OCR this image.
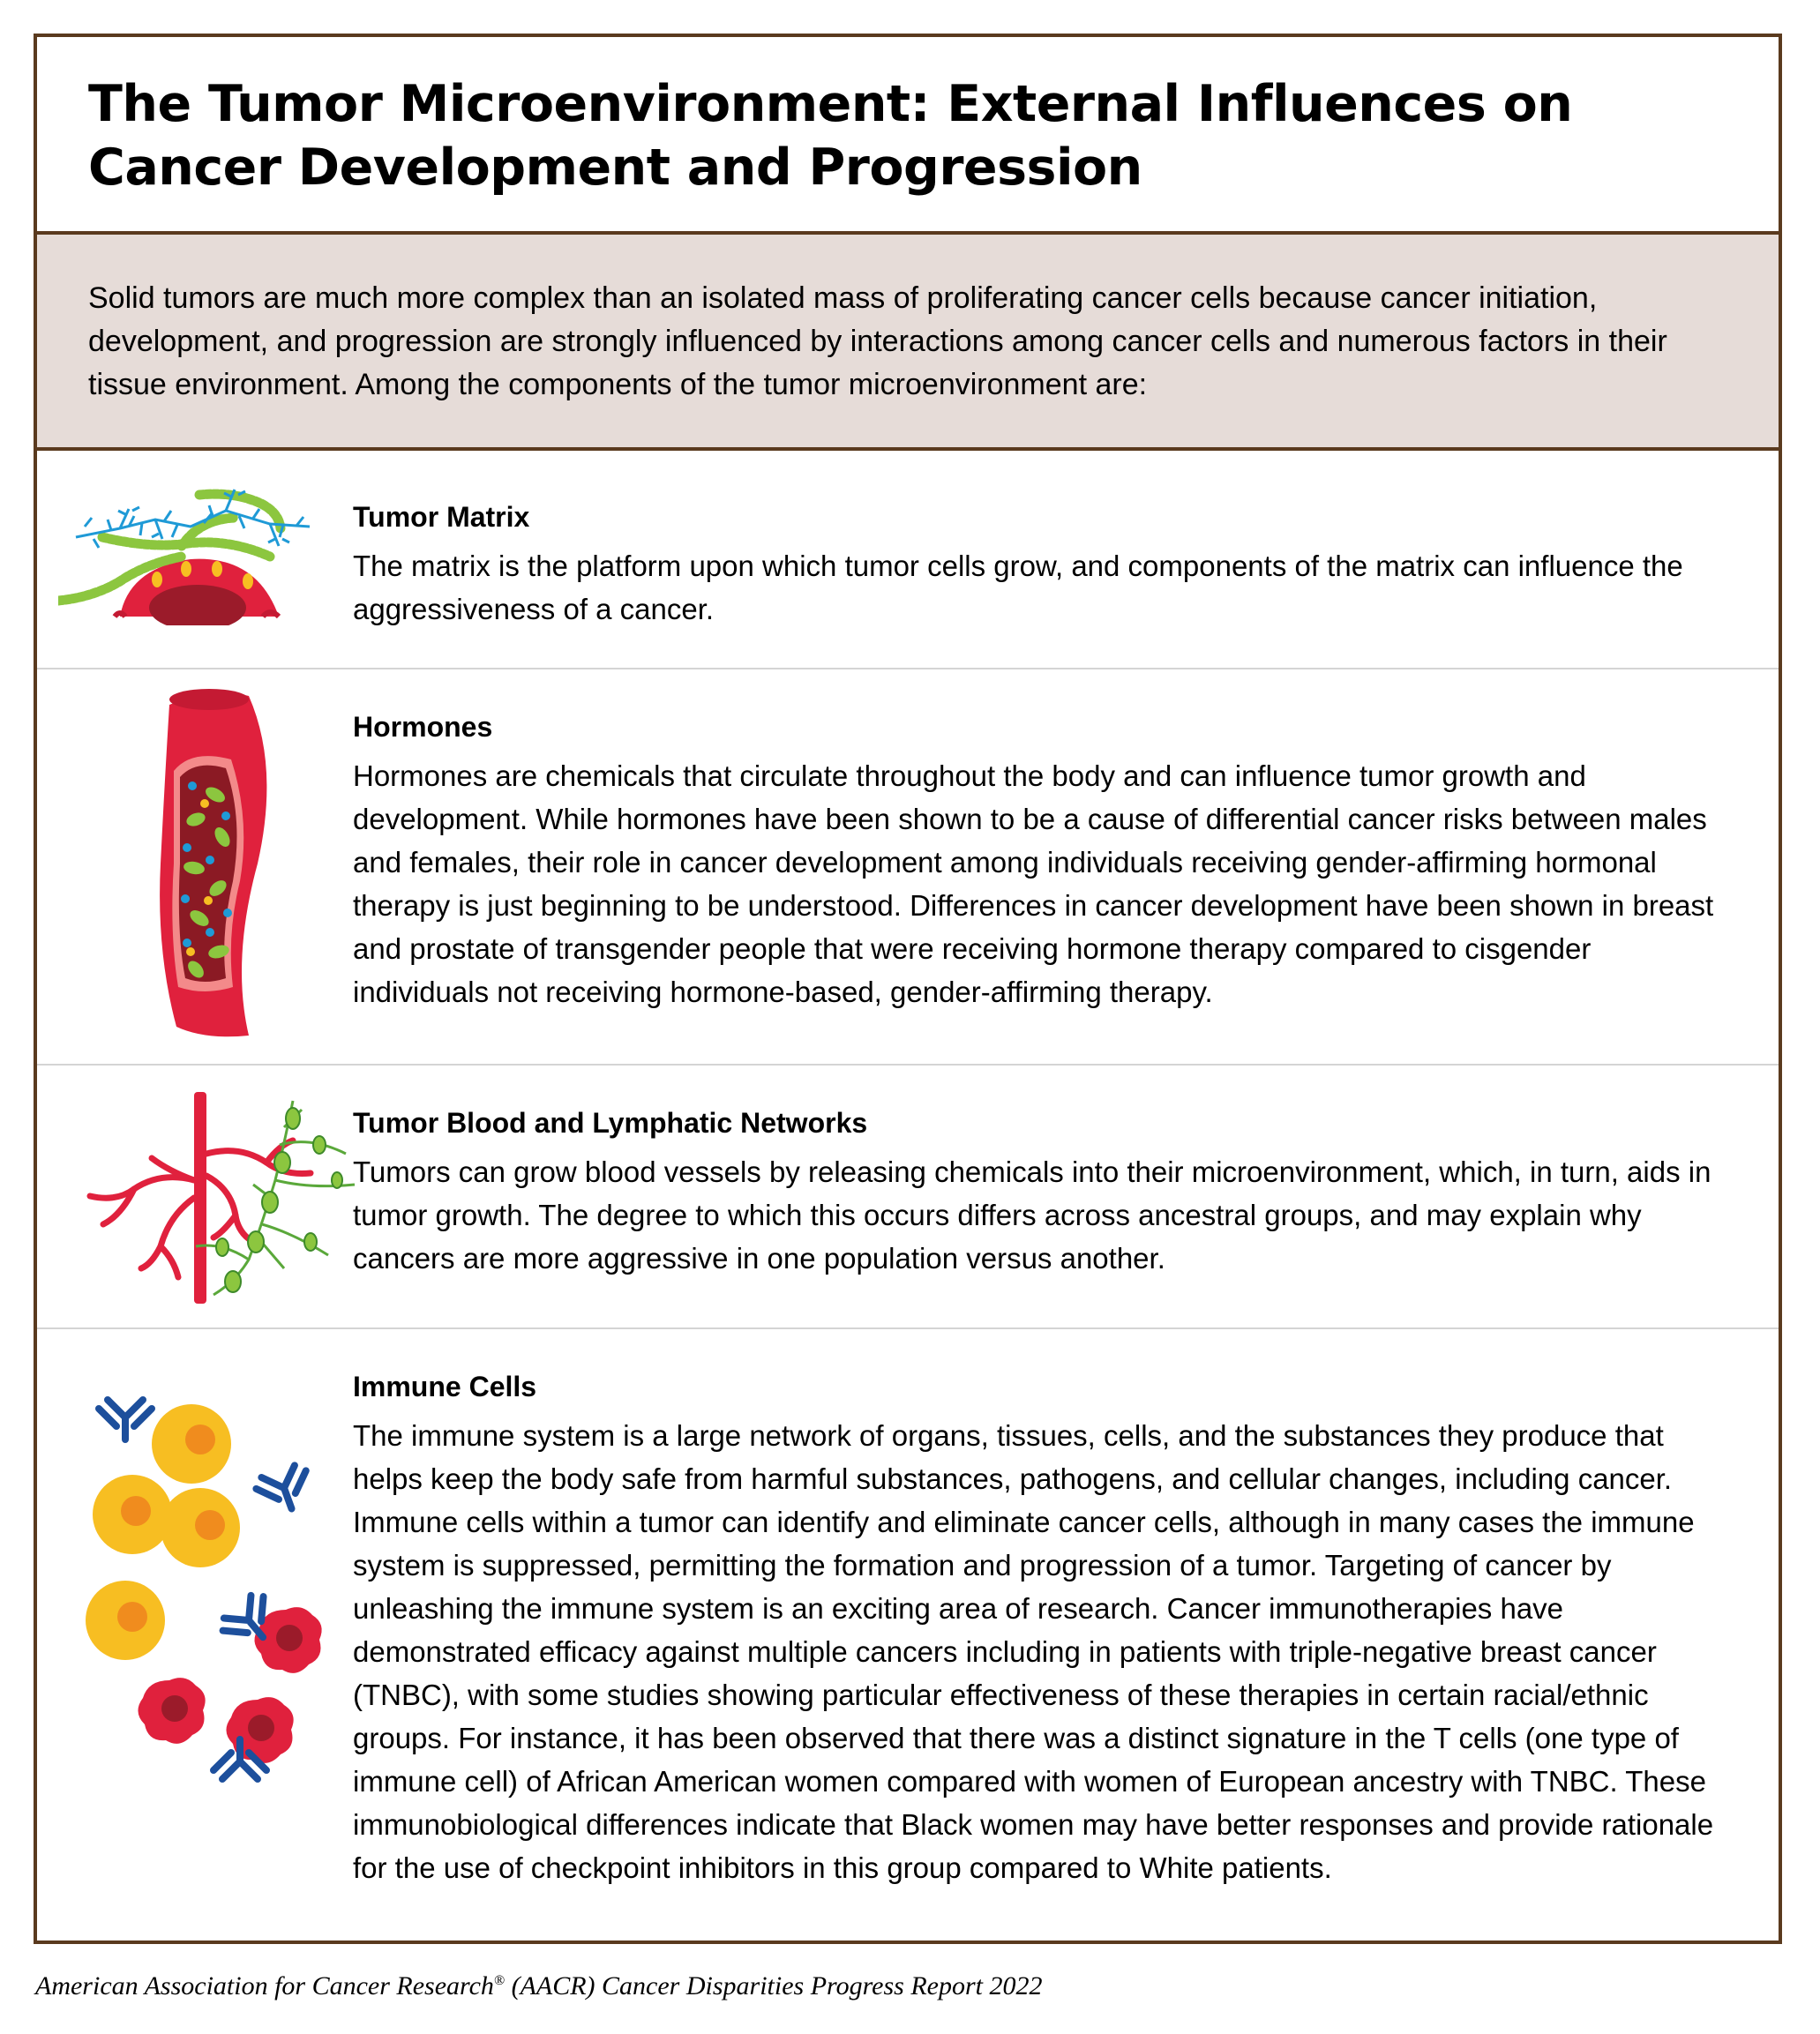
The Tumor Microenvironment: External Influences on
Cancer Development and Progression
Solid tumors are much more complex than an isolated mass of proliferating cancer cells because cancer initiation, development, and progression are strongly influenced by interactions among cancer cells and numerous factors in their tissue environment. Among the components of the tumor microenvironment are:
Tumor Matrix

The matrix is the platform upon which tumor cells grow, and components of the matrix can influence the aggressiveness of a cancer.

Hormones

Hormones are chemicals that circulate throughout the body and can influence tumor growth and development. While hormones have been shown to be a cause of differential cancer risks between males and females, their role in cancer development among individuals receiving gender-affirming hormonal therapy is just beginning to be understood. Differences in cancer development have been shown in breast and prostate of transgender people that were receiving hormone therapy compared to cisgender individuals not receiving hormone-based, gender-affirming therapy.

Tumor Blood and Lymphatic Networks

Tumors can grow blood vessels by releasing chemicals into their microenvironment, which, in turn, aids in tumor growth. The degree to which this occurs differs across ancestral groups, and may explain why cancers are more aggressive in one population versus another.

Immune Cells

The immune system is a large network of organs, tissues, cells, and the substances they produce that helps keep the body safe from harmful substances, pathogens, and cellular changes, including cancer. Immune cells within a tumor can identify and eliminate cancer cells, although in many cases the immune system is suppressed, permitting the formation and progression of a tumor. Targeting of cancer by unleashing the immune system is an exciting area of research. Cancer immunotherapies have demonstrated efficacy against multiple cancers including in patients with triple-negative breast cancer (TNBC), with some studies showing particular effectiveness of these therapies in certain racial/ethnic groups. For instance, it has been observed that there was a distinct signature in the T cells (one type of immune cell) of African American women compared with women of European ancestry with TNBC. These immunobiological differences indicate that Black women may have better responses and provide rationale for the use of checkpoint inhibitors in this group compared to White patients.

American Association for Cancer Research® (AACR) Cancer Disparities Progress Report 2022
